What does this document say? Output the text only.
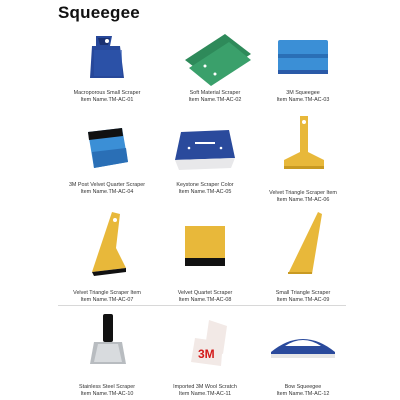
Squeegee
Macroporous Small Scraper
Item Name.TM-AC-01
Soft Material Scraper
Item Name.TM-AC-02
3M Squeegee
Item Name.TM-AC-03
3M Post Velvet Quarter Scraper
Item Name.TM-AC-04
Keystone Scraper Color
Item Name.TM-AC-05	Velvet Triangle Scraper Item
Item Name.TM-AC-06
Velvet Triangle Scraper Item
Item Name.TM-AC-07
Velvet Quartet Scraper
Item Name.TM-AC-08
Small Triangle Scraper
Item Name.TM-AC-09
Stainless Steel Scraper
Item Name.TM-AC-10
3M
Imported 3M Wool Scratch
Item Name.TM-AC-11
Bow Squeegee
Item Name.TM-AC-12
